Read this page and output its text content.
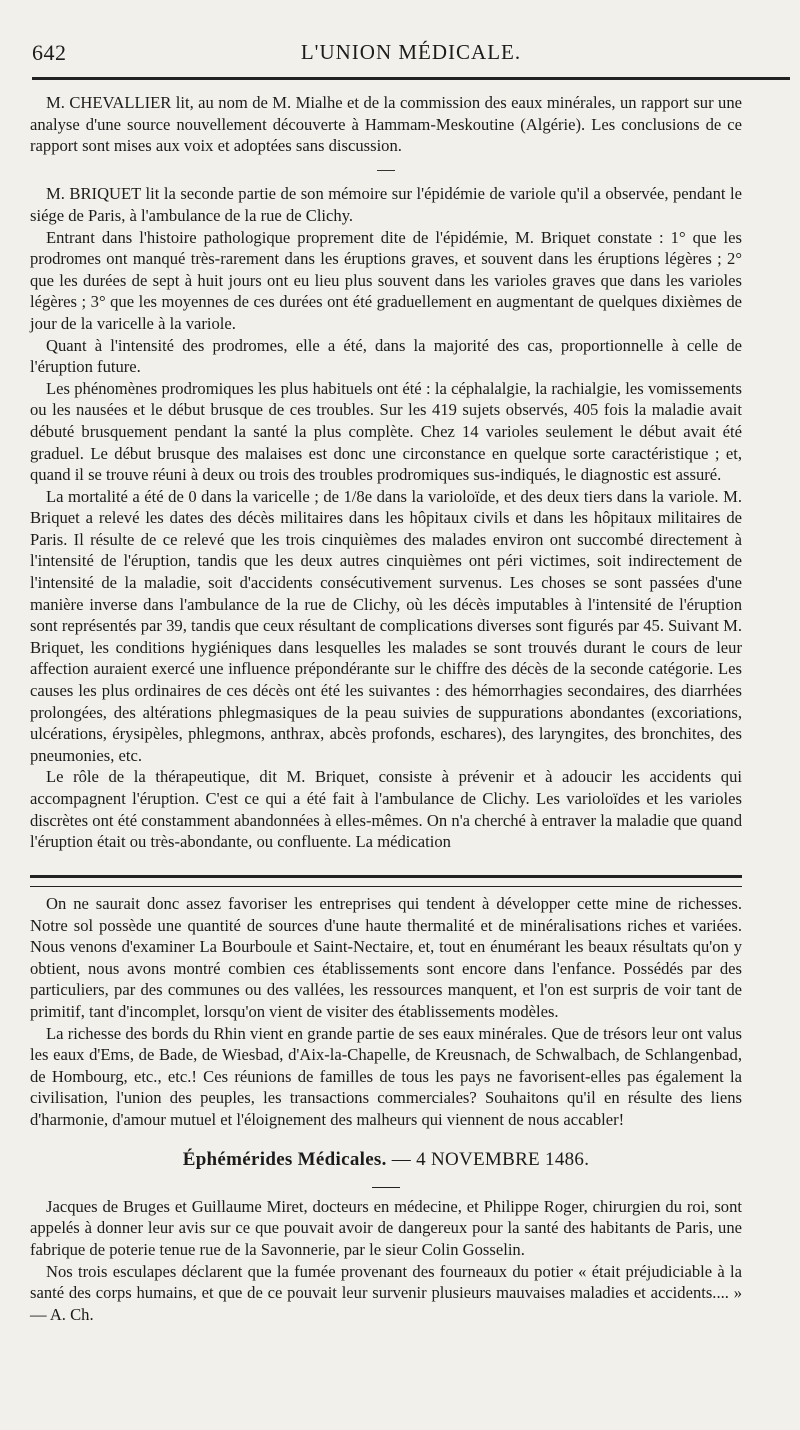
642	L'UNION MÉDICALE.

M. CHEVALLIER lit, au nom de M. Mialhe et de la commission des eaux minérales, un rapport sur une analyse d'une source nouvellement découverte à Hammam-Meskoutine (Algérie). Les conclusions de ce rapport sont mises aux voix et adoptées sans discussion.

M. BRIQUET lit la seconde partie de son mémoire sur l'épidémie de variole qu'il a observée, pendant le siége de Paris, à l'ambulance de la rue de Clichy.

Entrant dans l'histoire pathologique proprement dite de l'épidémie, M. Briquet constate : 1° que les prodromes ont manqué très-rarement dans les éruptions graves, et souvent dans les éruptions légères ; 2° que les durées de sept à huit jours ont eu lieu plus souvent dans les varioles graves que dans les varioles légères ; 3° que les moyennes de ces durées ont été graduellement en augmentant de quelques dixièmes de jour de la varicelle à la variole.

Quant à l'intensité des prodromes, elle a été, dans la majorité des cas, proportionnelle à celle de l'éruption future.

Les phénomènes prodromiques les plus habituels ont été : la céphalalgie, la rachialgie, les vomissements ou les nausées et le début brusque de ces troubles. Sur les 419 sujets observés, 405 fois la maladie avait débuté brusquement pendant la santé la plus complète. Chez 14 varioles seulement le début avait été graduel. Le début brusque des malaises est donc une circonstance en quelque sorte caractéristique ; et, quand il se trouve réuni à deux ou trois des troubles prodromiques sus-indiqués, le diagnostic est assuré.

La mortalité a été de 0 dans la varicelle ; de 1/8e dans la varioloïde, et des deux tiers dans la variole. M. Briquet a relevé les dates des décès militaires dans les hôpitaux civils et dans les hôpitaux militaires de Paris. Il résulte de ce relevé que les trois cinquièmes des malades environ ont succombé directement à l'intensité de l'éruption, tandis que les deux autres cinquièmes ont péri victimes, soit indirectement de l'intensité de la maladie, soit d'accidents consécutivement survenus. Les choses se sont passées d'une manière inverse dans l'ambulance de la rue de Clichy, où les décès imputables à l'intensité de l'éruption sont représentés par 39, tandis que ceux résultant de complications diverses sont figurés par 45. Suivant M. Briquet, les conditions hygiéniques dans lesquelles les malades se sont trouvés durant le cours de leur affection auraient exercé une influence prépondérante sur le chiffre des décès de la seconde catégorie. Les causes les plus ordinaires de ces décès ont été les suivantes : des hémorrhagies secondaires, des diarrhées prolongées, des altérations phlegmasiques de la peau suivies de suppurations abondantes (excoriations, ulcérations, érysipèles, phlegmons, anthrax, abcès profonds, eschares), des laryngites, des bronchites, des pneumonies, etc.

Le rôle de la thérapeutique, dit M. Briquet, consiste à prévenir et à adoucir les accidents qui accompagnent l'éruption. C'est ce qui a été fait à l'ambulance de Clichy. Les varioloïdes et les varioles discrètes ont été constamment abandonnées à elles-mêmes. On n'a cherché à entraver la maladie que quand l'éruption était ou très-abondante, ou confluente. La médication

On ne saurait donc assez favoriser les entreprises qui tendent à développer cette mine de richesses. Notre sol possède une quantité de sources d'une haute thermalité et de minéralisations riches et variées. Nous venons d'examiner La Bourboule et Saint-Nectaire, et, tout en énumérant les beaux résultats qu'on y obtient, nous avons montré combien ces établissements sont encore dans l'enfance. Possédés par des particuliers, par des communes ou des vallées, les ressources manquent, et l'on est surpris de voir tant de primitif, tant d'incomplet, lorsqu'on vient de visiter des établissements modèles.

La richesse des bords du Rhin vient en grande partie de ses eaux minérales. Que de trésors leur ont valus les eaux d'Ems, de Bade, de Wiesbad, d'Aix-la-Chapelle, de Kreusnach, de Schwalbach, de Schlangenbad, de Hombourg, etc., etc.! Ces réunions de familles de tous les pays ne favorisent-elles pas également la civilisation, l'union des peuples, les transactions commerciales? Souhaitons qu'il en résulte des liens d'harmonie, d'amour mutuel et l'éloignement des malheurs qui viennent de nous accabler!

Éphémérides Médicales. — 4 NOVEMBRE 1486.

Jacques de Bruges et Guillaume Miret, docteurs en médecine, et Philippe Roger, chirurgien du roi, sont appelés à donner leur avis sur ce que pouvait avoir de dangereux pour la santé des habitants de Paris, une fabrique de poterie tenue rue de la Savonnerie, par le sieur Colin Gosselin.

Nos trois esculapes déclarent que la fumée provenant des fourneaux du potier « était préjudiciable à la santé des corps humains, et que de ce pouvait leur survenir plusieurs mauvaises maladies et accidents.... » — A. Ch.
